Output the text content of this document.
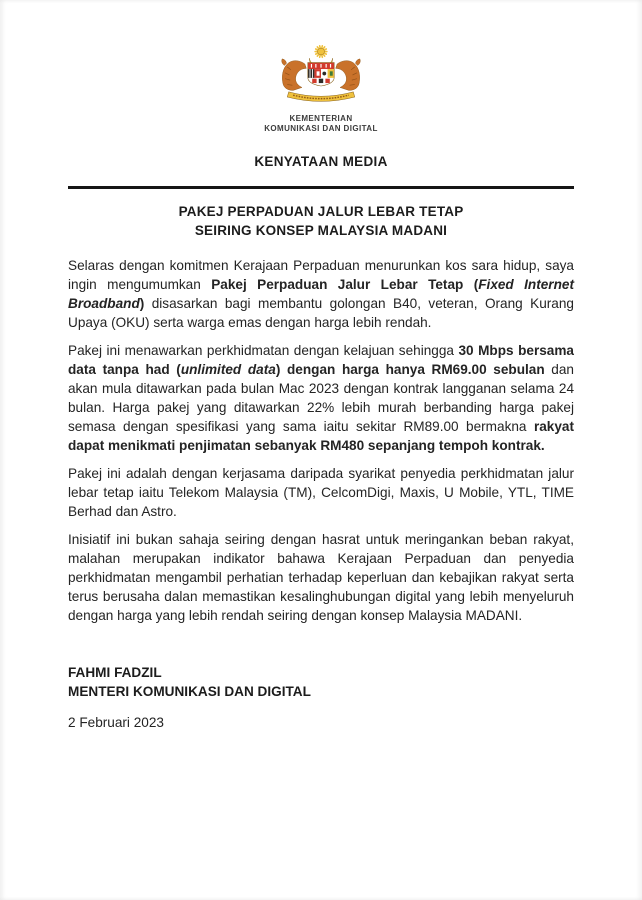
KEMENTERIAN
KOMUNIKASI DAN DIGITAL
KENYATAAN MEDIA
PAKEJ PERPADUAN JALUR LEBAR TETAP
SEIRING KONSEP MALAYSIA MADANI

Selaras dengan komitmen Kerajaan Perpaduan menurunkan kos sara hidup, saya ingin mengumumkan Pakej Perpaduan Jalur Lebar Tetap (Fixed Internet Broadband) disasarkan bagi membantu golongan B40, veteran, Orang Kurang Upaya (OKU) serta warga emas dengan harga lebih rendah.

Pakej ini menawarkan perkhidmatan dengan kelajuan sehingga 30 Mbps bersama data tanpa had (unlimited data) dengan harga hanya RM69.00 sebulan dan akan mula ditawarkan pada bulan Mac 2023 dengan kontrak langganan selama 24 bulan. Harga pakej yang ditawarkan 22% lebih murah berbanding harga pakej semasa dengan spesifikasi yang sama iaitu sekitar RM89.00 bermakna rakyat dapat menikmati penjimatan sebanyak RM480 sepanjang tempoh kontrak.

Pakej ini adalah dengan kerjasama daripada syarikat penyedia perkhidmatan jalur lebar tetap iaitu Telekom Malaysia (TM), CelcomDigi, Maxis, U Mobile, YTL, TIME Berhad dan Astro.

Inisiatif ini bukan sahaja seiring dengan hasrat untuk meringankan beban rakyat, malahan merupakan indikator bahawa Kerajaan Perpaduan dan penyedia perkhidmatan mengambil perhatian terhadap keperluan dan kebajikan rakyat serta terus berusaha dalan memastikan kesalinghubungan digital yang lebih menyeluruh dengan harga yang lebih rendah seiring dengan konsep Malaysia MADANI.

FAHMI FADZIL
MENTERI KOMUNIKASI DAN DIGITAL
2 Februari 2023
